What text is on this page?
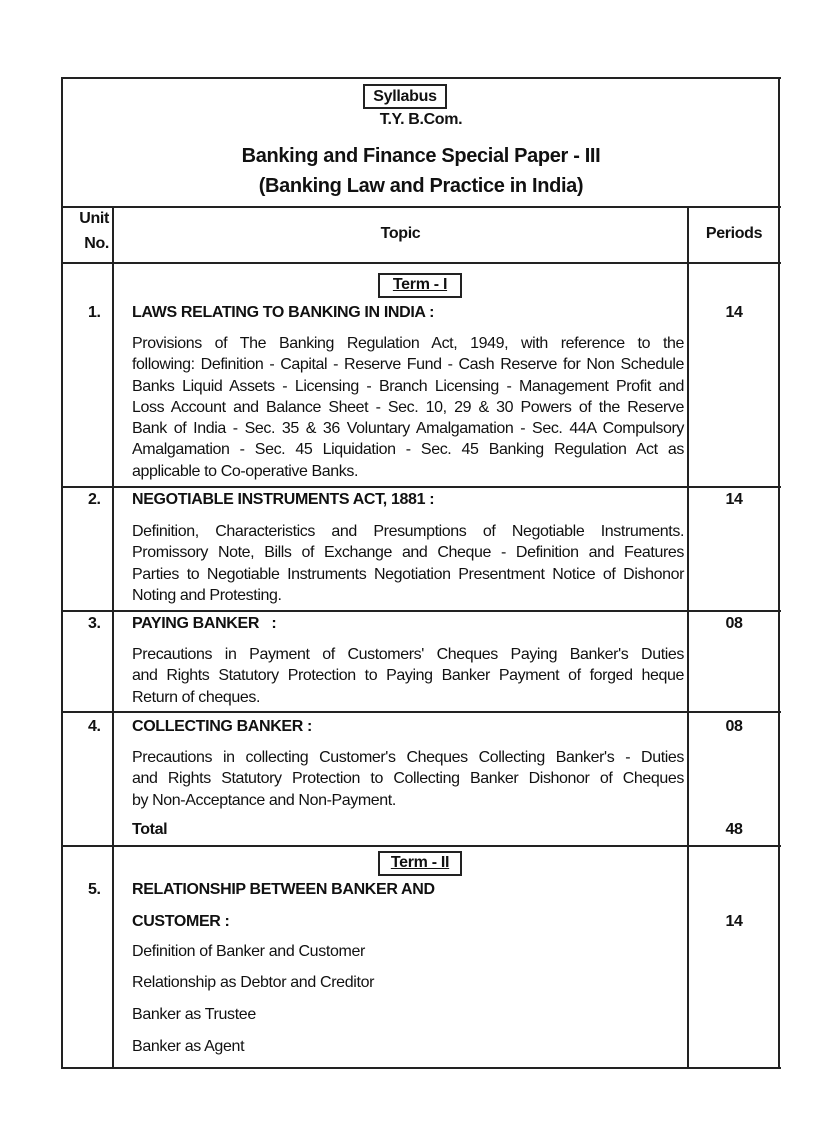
Syllabus
T.Y. B.Com.
Banking and Finance Special Paper - III
(Banking Law and Practice in India)
Unit
No.
Topic	Periods
Term - I
1. LAWS RELATING TO BANKING IN INDIA :	14
Provisions of The Banking Regulation Act, 1949, with reference to the
following: Definition - Capital - Reserve Fund - Cash Reserve for Non Schedule
Banks Liquid Assets - Licensing - Branch Licensing - Management Profit and
Loss Account and Balance Sheet - Sec. 10, 29 & 30 Powers of the Reserve
Bank of India - Sec. 35 & 36 Voluntary Amalgamation - Sec. 44A Compulsory
Amalgamation - Sec. 45 Liquidation - Sec. 45 Banking Regulation Act as
applicable to Co-operative Banks.
2. NEGOTIABLE INSTRUMENTS ACT, 1881 :	14
Definition, Characteristics and Presumptions of Negotiable Instruments.
Promissory Note, Bills of Exchange and Cheque - Definition and Features
Parties to Negotiable Instruments Negotiation Presentment Notice of Dishonor
Noting and Protesting.
3. PAYING BANKER   :	08
Precautions in Payment of Customers' Cheques Paying Banker's Duties
and Rights Statutory Protection to Paying Banker Payment of forged heque
Return of cheques.
4. COLLECTING BANKER :	08
Precautions in collecting Customer's Cheques Collecting Banker's - Duties
and Rights Statutory Protection to Collecting Banker Dishonor of Cheques
by Non-Acceptance and Non-Payment.
Total	48
Term - II
5. RELATIONSHIP BETWEEN BANKER AND
CUSTOMER :	14
Definition of Banker and Customer
Relationship as Debtor and Creditor
Banker as Trustee
Banker as Agent
